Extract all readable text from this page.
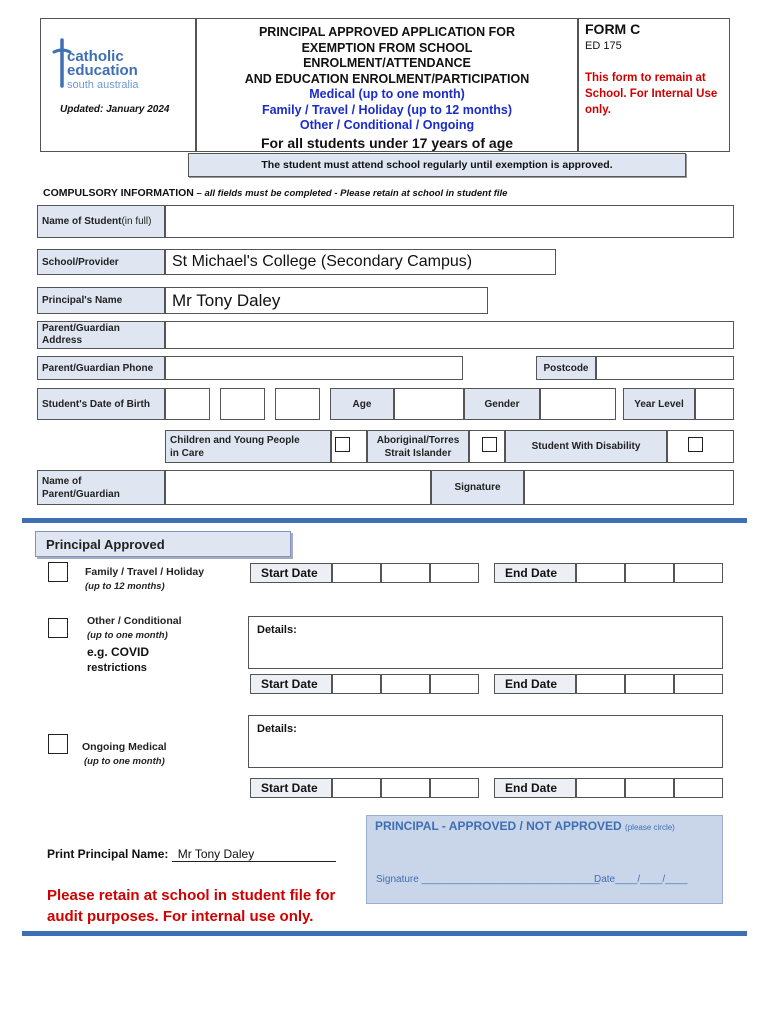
catholic
education
south australia
Updated: January 2024
PRINCIPAL APPROVED APPLICATION FOR
EXEMPTION FROM SCHOOL
ENROLMENT/ATTENDANCE
AND EDUCATION ENROLMENT/PARTICIPATION
Medical (up to one month)
Family / Travel / Holiday (up to 12 months)
Other / Conditional / Ongoing
For all students under 17 years of age
FORM C
ED 175
This form to remain at School. For Internal Use only.
The student must attend school regularly until exemption is approved.
COMPULSORY INFORMATION – all fields must be completed - Please retain at school in student file
Name of Student (in full)
School/Provider	St Michael's College (Secondary Campus)
Principal's Name	Mr Tony Daley
Parent/Guardian
Address
Parent/Guardian Phone	Postcode
Student's Date of Birth	Age	Gender	Year Level
Children and Young People
in Care
Aboriginal/Torres
Strait Islander
Student With Disability
Name of
Parent/Guardian
Signature
Principal Approved
Family / Travel / Holiday
(up to 12 months)
Start Date	End Date
Other / Conditional
(up to one month)
e.g. COVID
restrictions
Details:
Start Date	End Date
Details:
Ongoing Medical
(up to one month)
Start Date	End Date
Print Principal Name: Mr Tony Daley
PRINCIPAL - APPROVED / NOT APPROVED (please circle)
Signature ________________________________
Date____/____/____
Please retain at school in student file for
audit purposes. For internal use only.
